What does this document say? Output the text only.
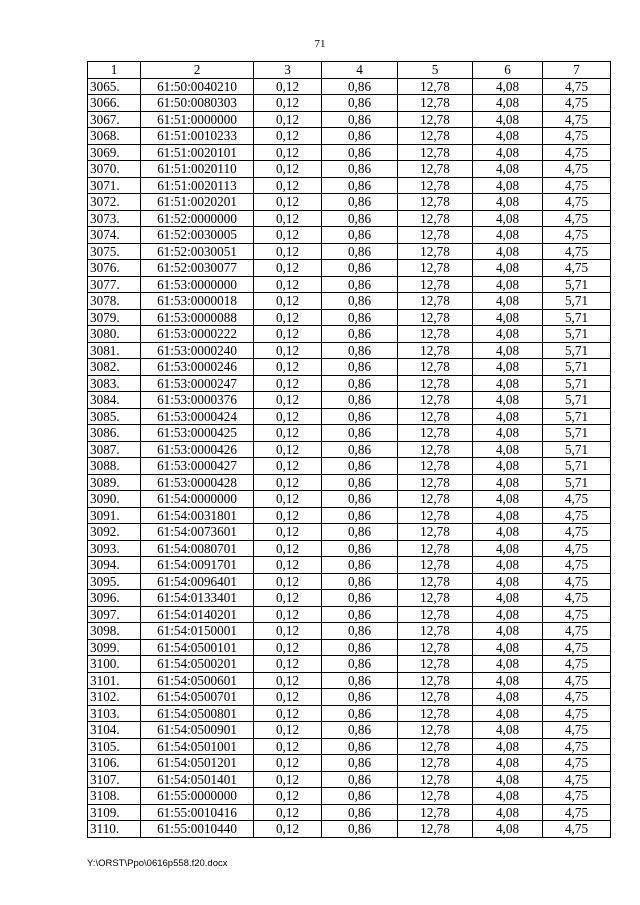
71
1	2	3	4	5	6	7
3065.	61:50:0040210	0,12	0,86	12,78	4,08	4,75
3066.	61:50:0080303	0,12	0,86	12,78	4,08	4,75
3067.	61:51:0000000	0,12	0,86	12,78	4,08	4,75
3068.	61:51:0010233	0,12	0,86	12,78	4,08	4,75
3069.	61:51:0020101	0,12	0,86	12,78	4,08	4,75
3070.	61:51:0020110	0,12	0,86	12,78	4,08	4,75
3071.	61:51:0020113	0,12	0,86	12,78	4,08	4,75
3072.	61:51:0020201	0,12	0,86	12,78	4,08	4,75
3073.	61:52:0000000	0,12	0,86	12,78	4,08	4,75
3074.	61:52:0030005	0,12	0,86	12,78	4,08	4,75
3075.	61:52:0030051	0,12	0,86	12,78	4,08	4,75
3076.	61:52:0030077	0,12	0,86	12,78	4,08	4,75
3077.	61:53:0000000	0,12	0,86	12,78	4,08	5,71
3078.	61:53:0000018	0,12	0,86	12,78	4,08	5,71
3079.	61:53:0000088	0,12	0,86	12,78	4,08	5,71
3080.	61:53:0000222	0,12	0,86	12,78	4,08	5,71
3081.	61:53:0000240	0,12	0,86	12,78	4,08	5,71
3082.	61:53:0000246	0,12	0,86	12,78	4,08	5,71
3083.	61:53:0000247	0,12	0,86	12,78	4,08	5,71
3084.	61:53:0000376	0,12	0,86	12,78	4,08	5,71
3085.	61:53:0000424	0,12	0,86	12,78	4,08	5,71
3086.	61:53:0000425	0,12	0,86	12,78	4,08	5,71
3087.	61:53:0000426	0,12	0,86	12,78	4,08	5,71
3088.	61:53:0000427	0,12	0,86	12,78	4,08	5,71
3089.	61:53:0000428	0,12	0,86	12,78	4,08	5,71
3090.	61:54:0000000	0,12	0,86	12,78	4,08	4,75
3091.	61:54:0031801	0,12	0,86	12,78	4,08	4,75
3092.	61:54:0073601	0,12	0,86	12,78	4,08	4,75
3093.	61:54:0080701	0,12	0,86	12,78	4,08	4,75
3094.	61:54:0091701	0,12	0,86	12,78	4,08	4,75
3095.	61:54:0096401	0,12	0,86	12,78	4,08	4,75
3096.	61:54:0133401	0,12	0,86	12,78	4,08	4,75
3097.	61:54:0140201	0,12	0,86	12,78	4,08	4,75
3098.	61:54:0150001	0,12	0,86	12,78	4,08	4,75
3099.	61:54:0500101	0,12	0,86	12,78	4,08	4,75
3100.	61:54:0500201	0,12	0,86	12,78	4,08	4,75
3101.	61:54:0500601	0,12	0,86	12,78	4,08	4,75
3102.	61:54:0500701	0,12	0,86	12,78	4,08	4,75
3103.	61:54:0500801	0,12	0,86	12,78	4,08	4,75
3104.	61:54:0500901	0,12	0,86	12,78	4,08	4,75
3105.	61:54:0501001	0,12	0,86	12,78	4,08	4,75
3106.	61:54:0501201	0,12	0,86	12,78	4,08	4,75
3107.	61:54:0501401	0,12	0,86	12,78	4,08	4,75
3108.	61:55:0000000	0,12	0,86	12,78	4,08	4,75
3109.	61:55:0010416	0,12	0,86	12,78	4,08	4,75
3110.	61:55:0010440	0,12	0,86	12,78	4,08	4,75
Y:\ORST\Ppo\0616p558.f20.docx
